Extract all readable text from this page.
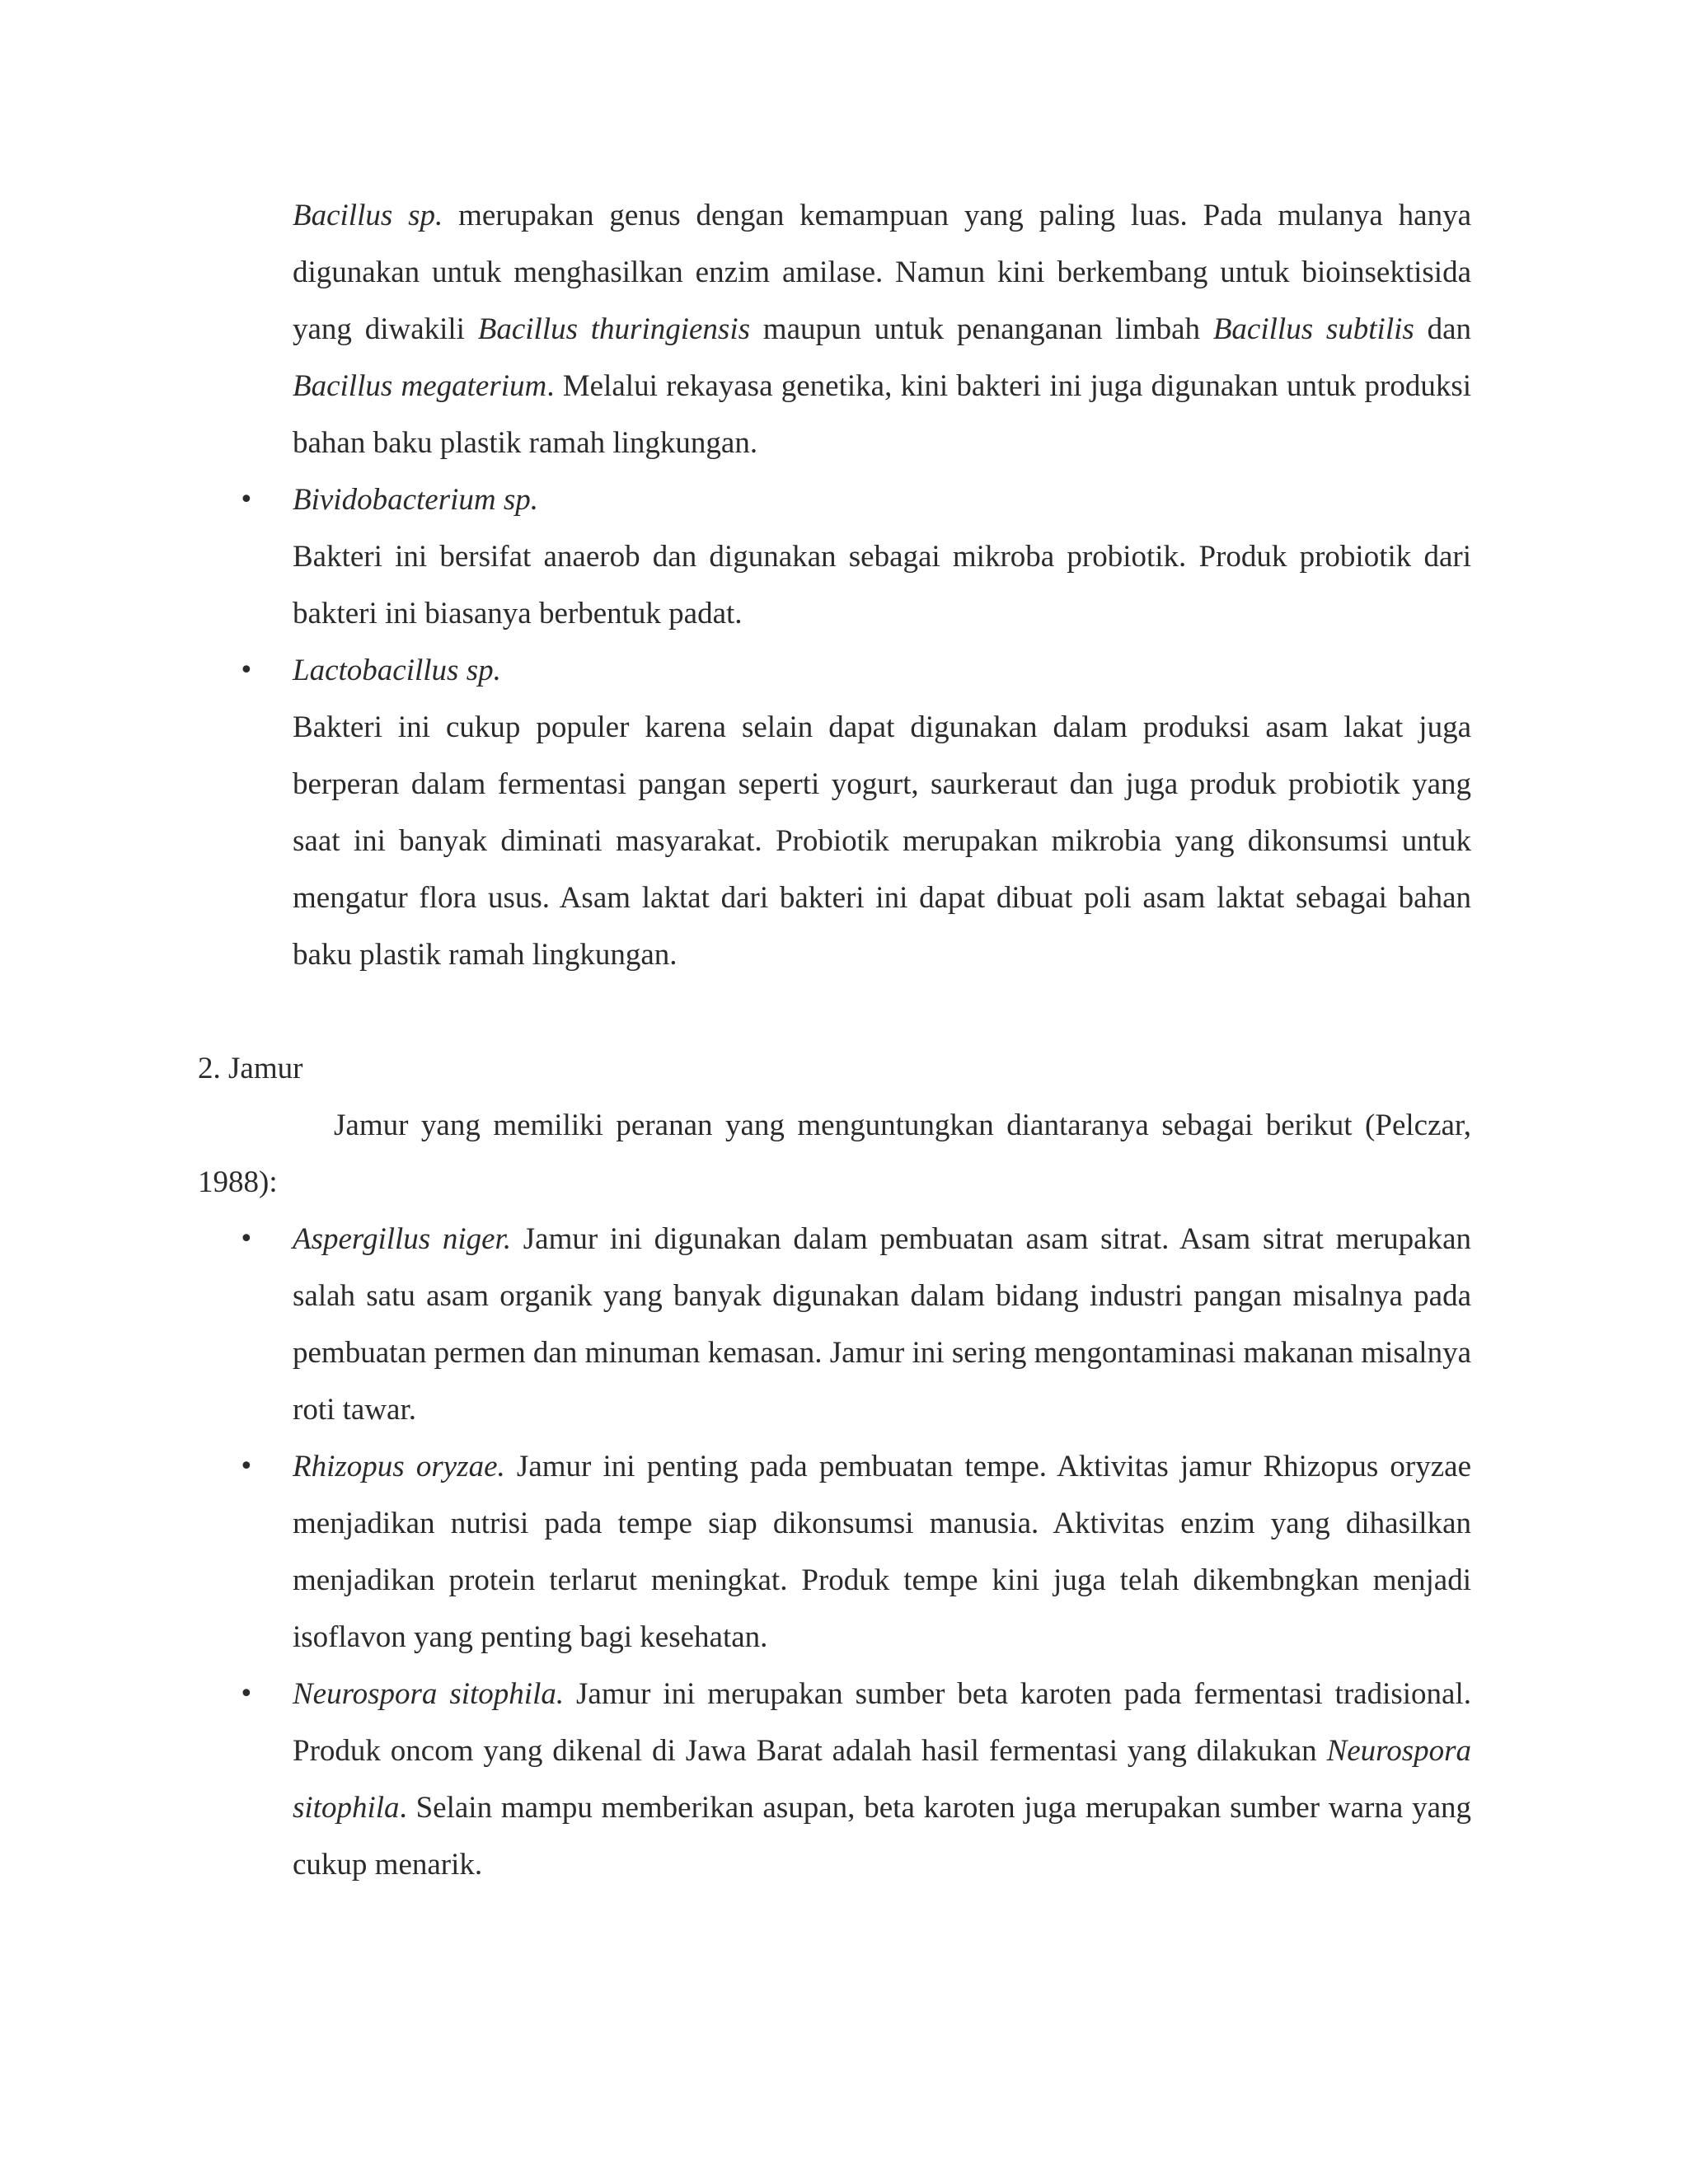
Bacillus sp. merupakan genus dengan kemampuan yang paling luas. Pada mulanya hanya digunakan untuk menghasilkan enzim amilase. Namun kini berkembang untuk bioinsektisida yang diwakili Bacillus thuringiensis maupun untuk penanganan limbah Bacillus subtilis dan Bacillus megaterium. Melalui rekayasa genetika, kini bakteri ini juga digunakan untuk produksi bahan baku plastik ramah lingkungan.
•	Bividobacterium sp.
Bakteri ini bersifat anaerob dan digunakan sebagai mikroba probiotik. Produk probiotik dari bakteri ini biasanya berbentuk padat.
•	Lactobacillus sp.
Bakteri ini cukup populer karena selain dapat digunakan dalam produksi asam lakat juga berperan dalam fermentasi pangan seperti yogurt, saurkeraut dan juga produk probiotik yang saat ini banyak diminati masyarakat. Probiotik merupakan mikrobia yang dikonsumsi untuk mengatur flora usus. Asam laktat dari bakteri ini dapat dibuat poli asam laktat sebagai bahan baku plastik ramah lingkungan.
2. Jamur
Jamur yang memiliki peranan yang menguntungkan diantaranya sebagai berikut (Pelczar, 1988):
•	Aspergillus niger. Jamur ini digunakan dalam pembuatan asam sitrat. Asam sitrat merupakan salah satu asam organik yang banyak digunakan dalam bidang industri pangan misalnya pada pembuatan permen dan minuman kemasan. Jamur ini sering mengontaminasi makanan misalnya roti tawar.
•	Rhizopus oryzae. Jamur ini penting pada pembuatan tempe. Aktivitas jamur Rhizopus oryzae menjadikan nutrisi pada tempe siap dikonsumsi manusia. Aktivitas enzim yang dihasilkan menjadikan protein terlarut meningkat. Produk tempe kini juga telah dikembngkan menjadi isoflavon yang penting bagi kesehatan.
•	Neurospora sitophila. Jamur ini merupakan sumber beta karoten pada fermentasi tradisional. Produk oncom yang dikenal di Jawa Barat adalah hasil fermentasi yang dilakukan Neurospora sitophila. Selain mampu memberikan asupan, beta karoten juga merupakan sumber warna yang cukup menarik.
